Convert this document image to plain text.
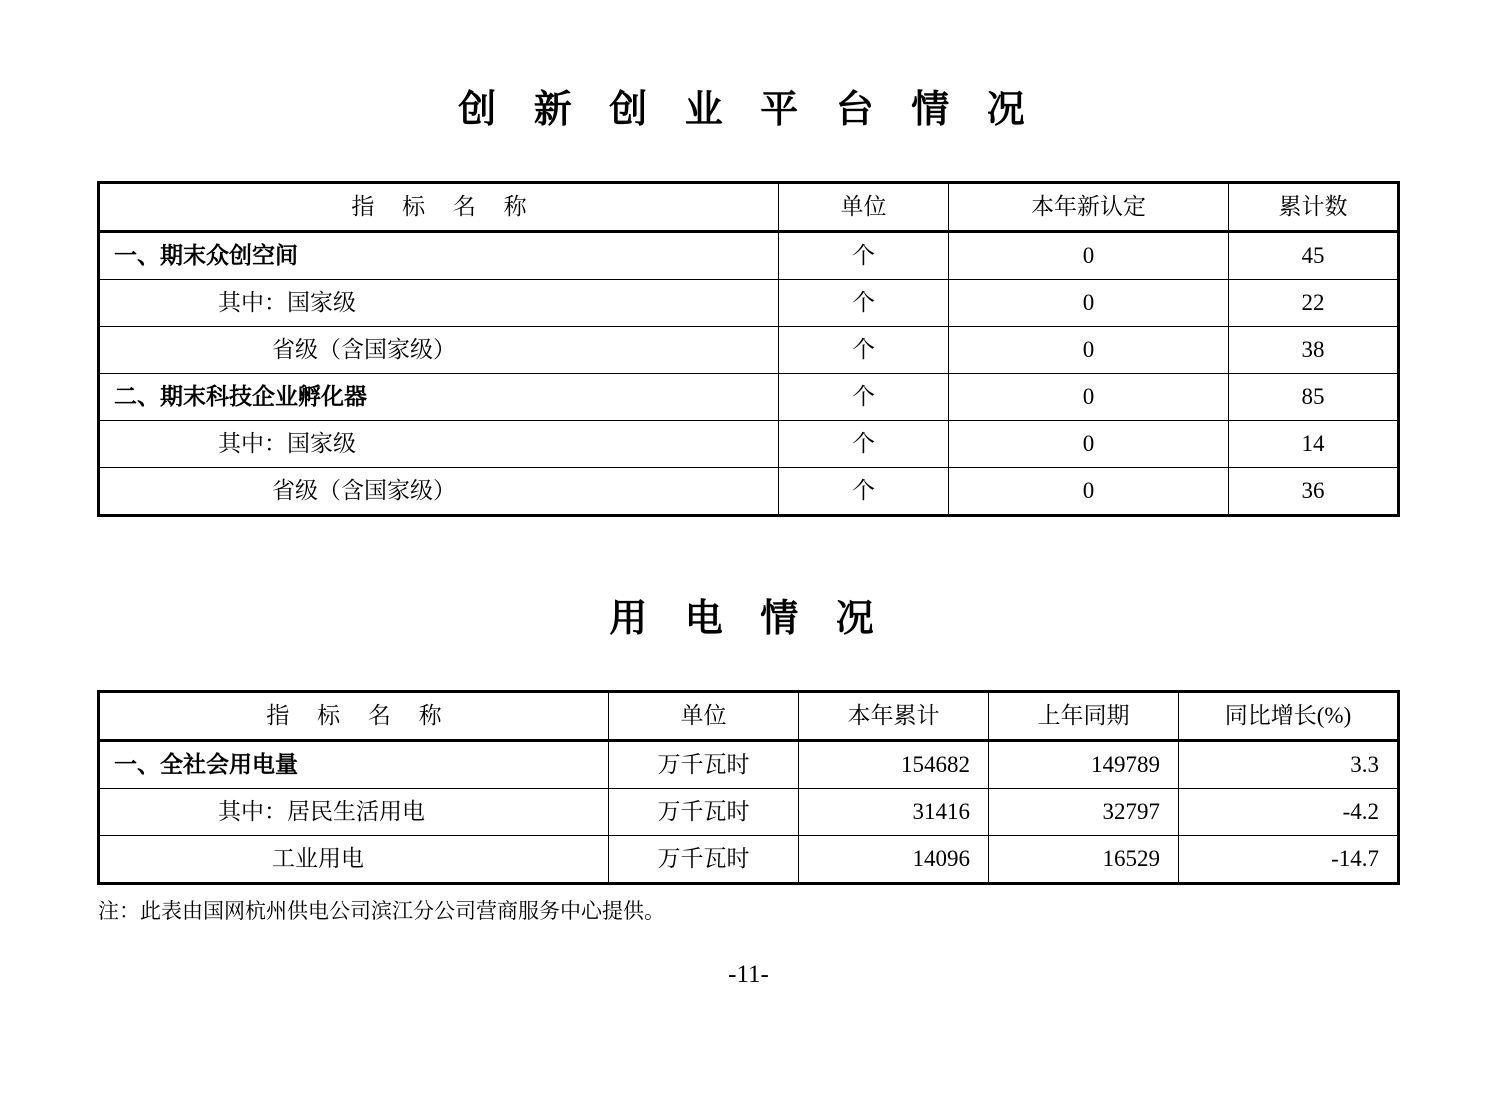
创 新 创 业 平 台 情 况
指 标 名 称	单位	本年新认定	累计数

一、期末众创空间	个	0	45

其中：国家级	个	0	22

省级（含国家级）	个	0	38

二、期末科技企业孵化器	个	0	85

其中：国家级	个	0	14

省级（含国家级）	个	0	36
用 电 情 况
指 标 名 称	单位	本年累计	上年同期	同比增长(%)

一、全社会用电量	万千瓦时	154682	149789	3.3

其中：居民生活用电	万千瓦时	31416	32797	-4.2

工业用电	万千瓦时	14096	16529	-14.7
注：此表由国网杭州供电公司滨江分公司营商服务中心提供。
-11-
